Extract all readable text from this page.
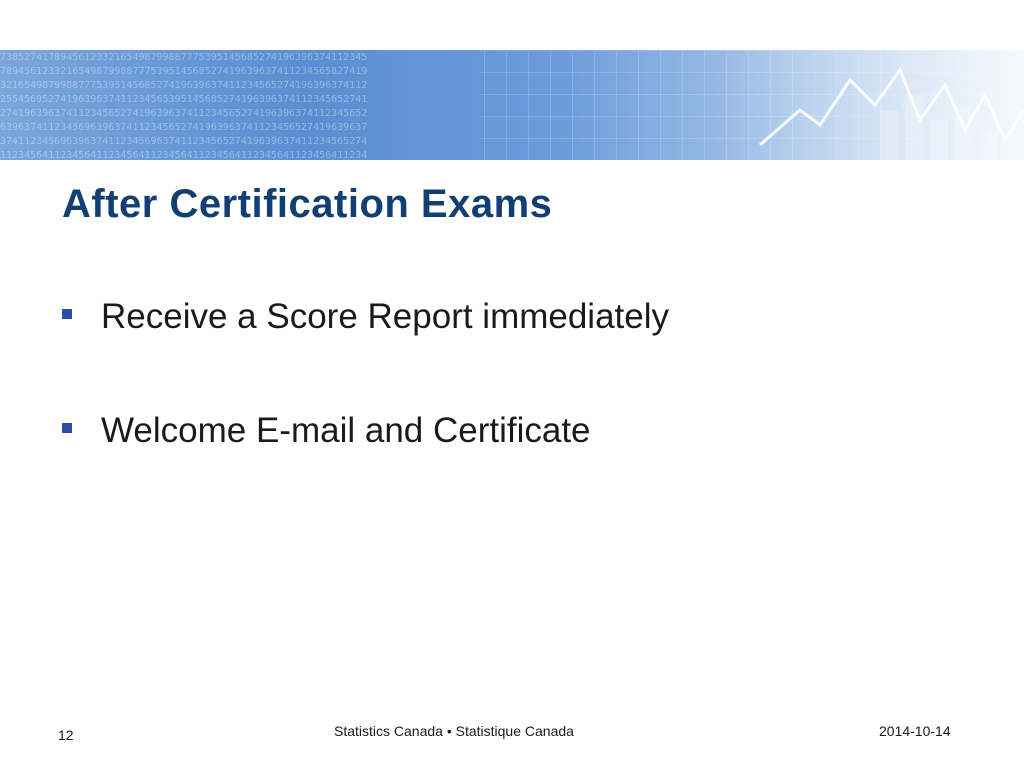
7385274178945612332165498799887775395145685274196396374112345
7894561233216549879988777539514568527419639637411234565827419
3216549879988777539514568527419639637411234565274196396374112
2554569527419639637411234565395145685274196396374112345652741
2741963963741123456527419639637411234565274196396374112345652
6396374112345696396374112345652741963963741123456527419639637
3741123456963963741123456963741123456527419639637411234565274
1123456411234564112345641123456411234564112345641123456411234
After Certification Exams
Receive a Score Report immediately
Welcome E-mail and Certificate
12	Statistics Canada • Statistique Canada	2014-10-14
